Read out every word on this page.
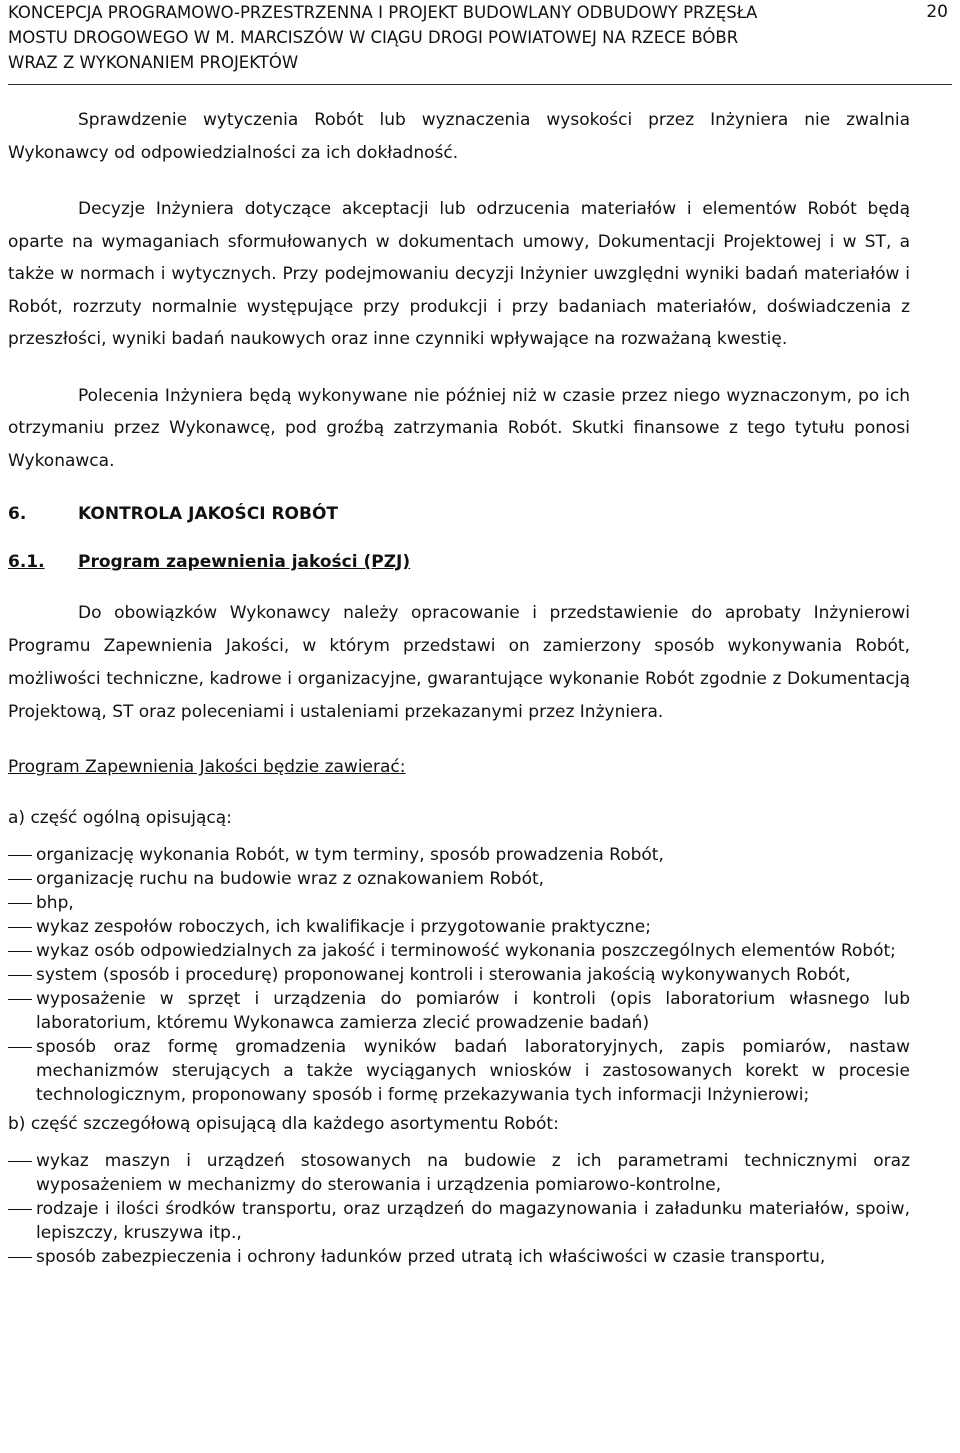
KONCEPCJA PROGRAMOWO-PRZESTRZENNA I PROJEKT BUDOWLANY ODBUDOWY PRZĘSŁA
MOSTU DROGOWEGO W M. MARCISZÓW W CIĄGU DROGI POWIATOWEJ NA RZECE BÓBR
WRAZ Z WYKONANIEM PROJEKTÓW
20

Sprawdzenie wytyczenia Robót lub wyznaczenia wysokości przez Inżyniera nie zwalnia Wykonawcy od odpowiedzialności za ich dokładność.

Decyzje Inżyniera dotyczące akceptacji lub odrzucenia materiałów i elementów Robót będą oparte na wymaganiach sformułowanych w dokumentach umowy, Dokumentacji Projektowej i w ST, a także w normach i wytycznych. Przy podejmowaniu decyzji Inżynier uwzględni wyniki badań materiałów i Robót, rozrzuty normalnie występujące przy produkcji i przy badaniach materiałów, doświadczenia z przeszłości, wyniki badań naukowych oraz inne czynniki wpływające na rozważaną kwestię.

Polecenia Inżyniera będą wykonywane nie później niż w czasie przez niego wyznaczonym, po ich otrzymaniu przez Wykonawcę, pod groźbą zatrzymania Robót. Skutki finansowe z tego tytułu ponosi Wykonawca.

6.	KONTROLA JAKOŚCI ROBÓT
6.1. Program zapewnienia jakości (PZJ)

Do obowiązków Wykonawcy należy opracowanie i przedstawienie do aprobaty Inżynierowi Programu Zapewnienia Jakości, w którym przedstawi on zamierzony sposób wykonywania Robót, możliwości techniczne, kadrowe i organizacyjne, gwarantujące wykonanie Robót zgodnie z Dokumentacją Projektową, ST oraz poleceniami i ustaleniami przekazanymi przez Inżyniera.

Program Zapewnienia Jakości będzie zawierać:
a) część ogólną opisującą:
organizację wykonania Robót, w tym terminy, sposób prowadzenia Robót,
organizację ruchu na budowie wraz z oznakowaniem Robót,
bhp,
wykaz zespołów roboczych, ich kwalifikacje i przygotowanie praktyczne;
wykaz osób odpowiedzialnych za jakość i terminowość wykonania poszczególnych elementów Robót;
system (sposób i procedurę) proponowanej kontroli i sterowania jakością wykonywanych Robót,
wyposażenie w sprzęt i urządzenia do pomiarów i kontroli (opis laboratorium własnego lub laboratorium, któremu Wykonawca zamierza zlecić prowadzenie badań)
sposób oraz formę gromadzenia wyników badań laboratoryjnych, zapis pomiarów, nastaw mechanizmów sterujących a także wyciąganych wniosków i zastosowanych korekt w procesie technologicznym, proponowany sposób i formę przekazywania tych informacji Inżynierowi;
b) część szczegółową opisującą dla każdego asortymentu Robót:
wykaz maszyn i urządzeń stosowanych na budowie z ich parametrami technicznymi oraz wyposażeniem w mechanizmy do sterowania i urządzenia pomiarowo-kontrolne,
rodzaje i ilości środków transportu, oraz urządzeń do magazynowania i załadunku materiałów, spoiw, lepiszczy, kruszywa itp.,
sposób zabezpieczenia i ochrony ładunków przed utratą ich właściwości w czasie transportu,
